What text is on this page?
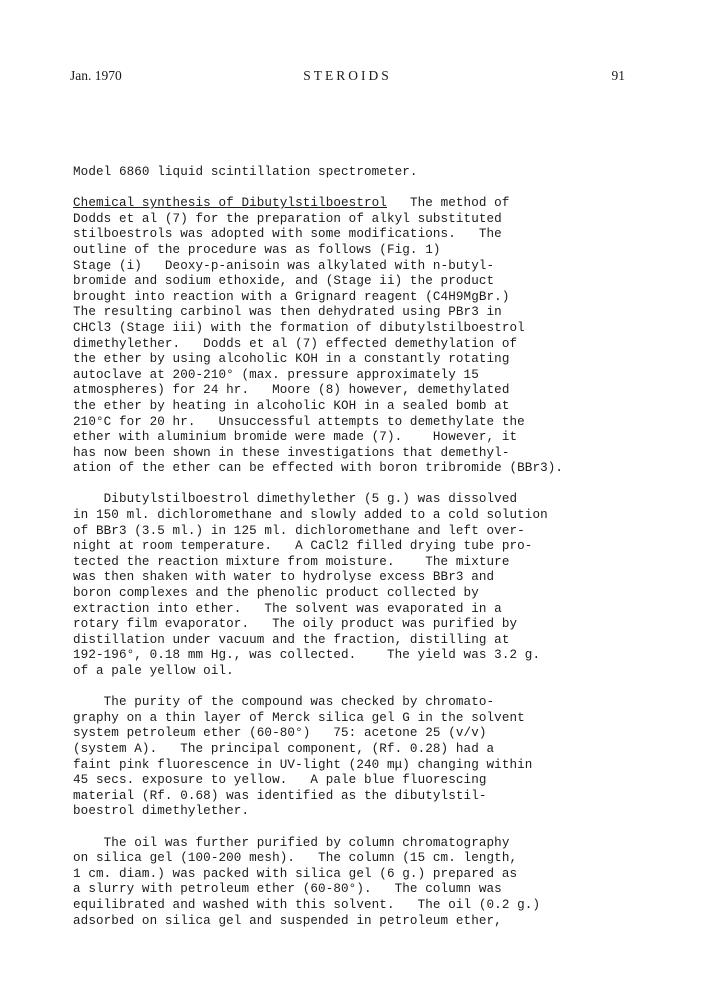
Jan. 1970	STEROIDS	91
Model 6860 liquid scintillation spectrometer.
Chemical synthesis of Dibutylstilboestrol   The method of
Dodds et al (7) for the preparation of alkyl substituted
stilboestrols was adopted with some modifications.   The
outline of the procedure was as follows (Fig. 1)
Stage (i)   Deoxy-p-anisoin was alkylated with n-butyl-
bromide and sodium ethoxide, and (Stage ii) the product
brought into reaction with a Grignard reagent (C4H9MgBr.)
The resulting carbinol was then dehydrated using PBr3 in
CHCl3 (Stage iii) with the formation of dibutylstilboestrol
dimethylether.   Dodds et al (7) effected demethylation of
the ether by using alcoholic KOH in a constantly rotating
autoclave at 200-210° (max. pressure approximately 15
atmospheres) for 24 hr.   Moore (8) however, demethylated
the ether by heating in alcoholic KOH in a sealed bomb at
210°C for 20 hr.   Unsuccessful attempts to demethylate the
ether with aluminium bromide were made (7).    However, it
has now been shown in these investigations that demethyl-
ation of the ether can be effected with boron tribromide (BBr3).
Dibutylstilboestrol dimethylether (5 g.) was dissolved
in 150 ml. dichloromethane and slowly added to a cold solution
of BBr3 (3.5 ml.) in 125 ml. dichloromethane and left over-
night at room temperature.   A CaCl2 filled drying tube pro-
tected the reaction mixture from moisture.    The mixture
was then shaken with water to hydrolyse excess BBr3 and
boron complexes and the phenolic product collected by
extraction into ether.   The solvent was evaporated in a
rotary film evaporator.   The oily product was purified by
distillation under vacuum and the fraction, distilling at
192-196°, 0.18 mm Hg., was collected.    The yield was 3.2 g.
of a pale yellow oil.
The purity of the compound was checked by chromato-
graphy on a thin layer of Merck silica gel G in the solvent
system petroleum ether (60-80°)   75: acetone 25 (v/v)
(system A).   The principal component, (Rf. 0.28) had a
faint pink fluorescence in UV-light (240 mμ) changing within
45 secs. exposure to yellow.   A pale blue fluorescing
material (Rf. 0.68) was identified as the dibutylstil-
boestrol dimethylether.
The oil was further purified by column chromatography
on silica gel (100-200 mesh).   The column (15 cm. length,
1 cm. diam.) was packed with silica gel (6 g.) prepared as
a slurry with petroleum ether (60-80°).   The column was
equilibrated and washed with this solvent.   The oil (0.2 g.)
adsorbed on silica gel and suspended in petroleum ether,
